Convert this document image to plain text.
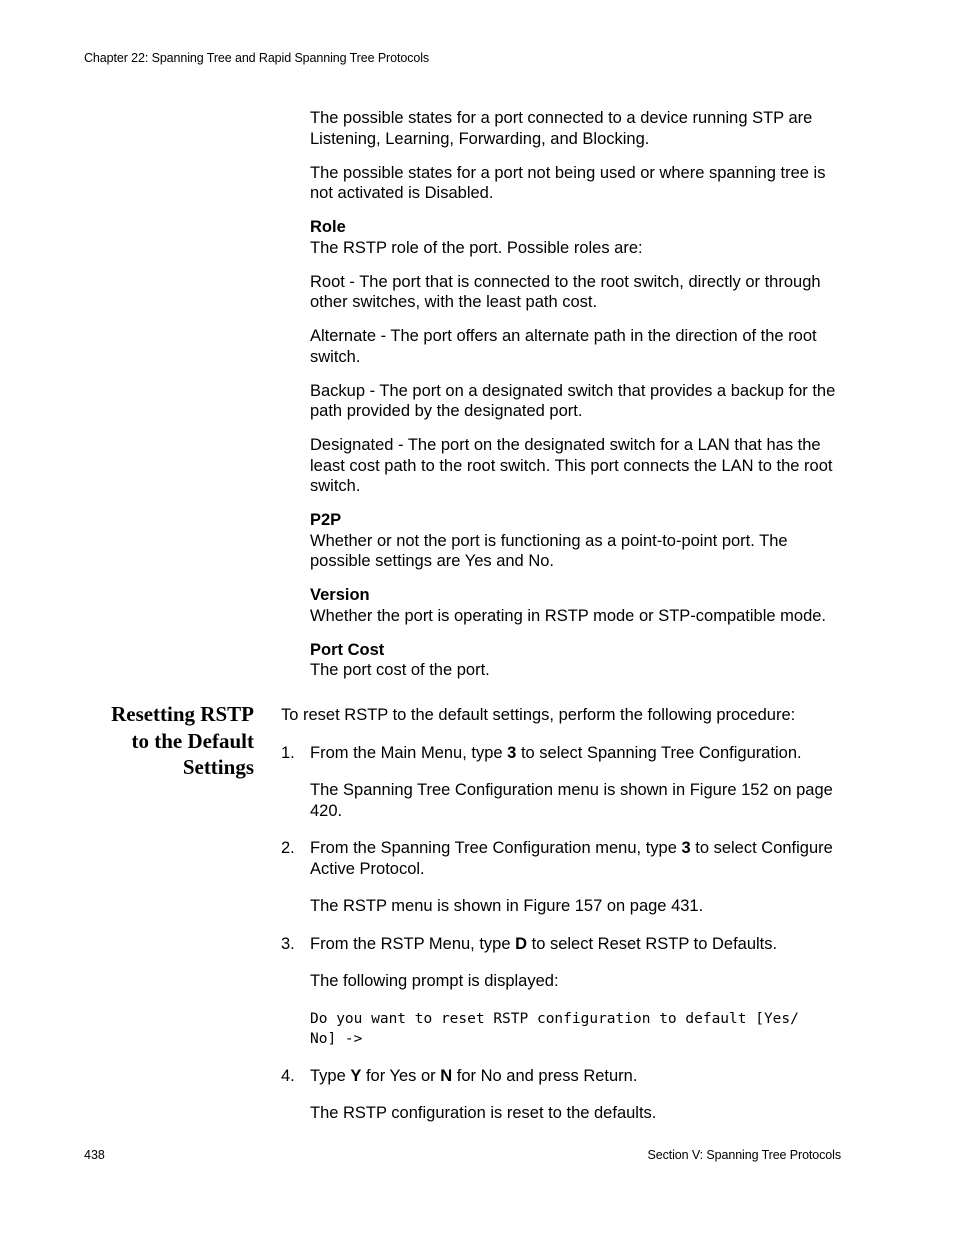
Chapter 22: Spanning Tree and Rapid Spanning Tree Protocols

The possible states for a port connected to a device running STP are Listening, Learning, Forwarding, and Blocking.

The possible states for a port not being used or where spanning tree is not activated is Disabled.

Role
The RSTP role of the port. Possible roles are:

Root - The port that is connected to the root switch, directly or through other switches, with the least path cost.

Alternate - The port offers an alternate path in the direction of the root switch.

Backup - The port on a designated switch that provides a backup for the path provided by the designated port.

Designated - The port on the designated switch for a LAN that has the least cost path to the root switch. This port connects the LAN to the root switch.

P2P
Whether or not the port is functioning as a point-to-point port. The possible settings are Yes and No.
Version
Whether the port is operating in RSTP mode or STP-compatible mode.
Port Cost
The port cost of the port.
Resetting RSTP
to the Default
Settings

To reset RSTP to the default settings, perform the following procedure:

1. From the Main Menu, type 3 to select Spanning Tree Configuration.

The Spanning Tree Configuration menu is shown in Figure 152 on page 420.

2. From the Spanning Tree Configuration menu, type 3 to select Configure Active Protocol.

The RSTP menu is shown in Figure 157 on page 431.

3. From the RSTP Menu, type D to select Reset RSTP to Defaults.

The following prompt is displayed:

Do you want to reset RSTP configuration to default [Yes/
No] ->

4. Type Y for Yes or N for No and press Return.

The RSTP configuration is reset to the defaults.

438	Section V: Spanning Tree Protocols
